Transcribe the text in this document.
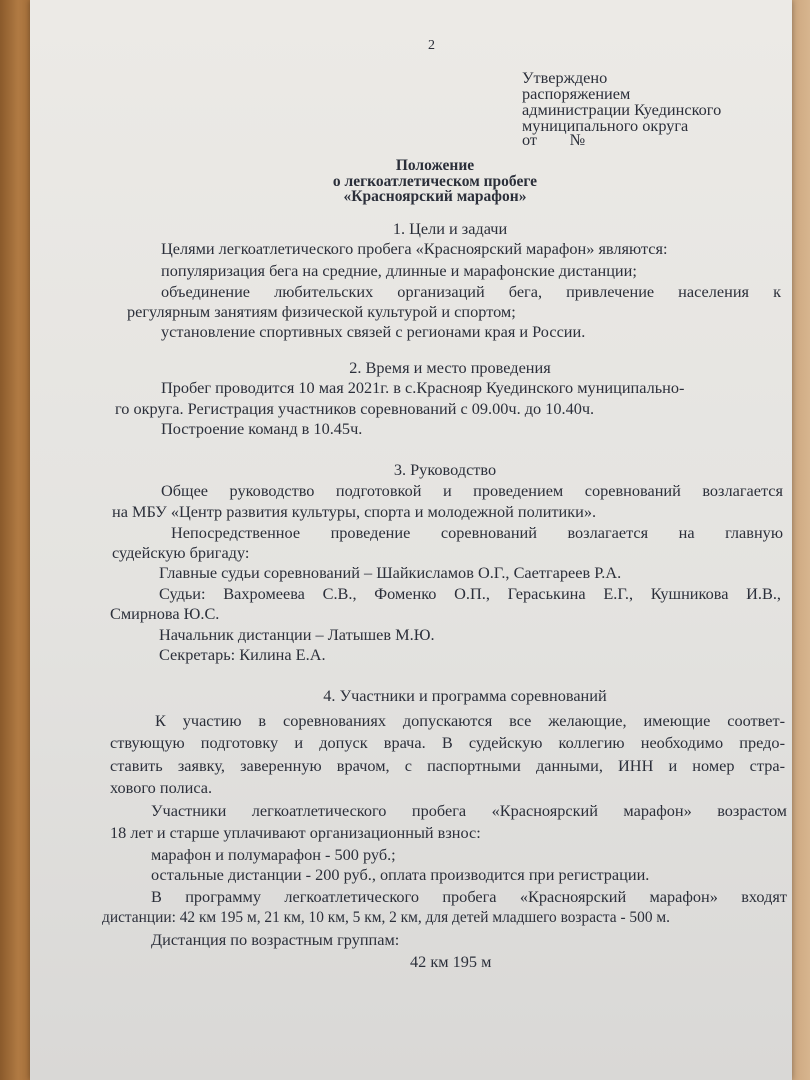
2
Утверждено
распоряжением
администрации Куединского
муниципального округа
от        №
Положение
о легкоатлетическом пробеге
«Красноярский марафон»
1. Цели и задачи
Целями легкоатлетического пробега «Красноярский марафон» являются:
популяризация бега на средние, длинные и марафонские дистанции;
объединение любительских организаций бега, привлечение населения к
регулярным занятиям физической культурой и спортом;
установление спортивных связей с регионами края и России.
2. Время и место проведения
Пробег проводится 10 мая 2021г. в с.Краснояр Куединского муниципально-
го округа. Регистрация участников соревнований с 09.00ч. до 10.40ч.
Построение команд в 10.45ч.
3. Руководство
Общее руководство подготовкой и проведением соревнований возлагается
на МБУ «Центр развития культуры, спорта и молодежной политики».
Непосредственное проведение соревнований возлагается на главную
судейскую бригаду:
Главные судьи соревнований – Шайкисламов О.Г., Саетгареев Р.А.
Судьи: Вахромеева С.В., Фоменко О.П., Гераськина Е.Г., Кушникова И.В.,
Смирнова Ю.С.
Начальник дистанции – Латышев М.Ю.
Секретарь: Килина Е.А.
4. Участники и программа соревнований
К участию в соревнованиях допускаются все желающие, имеющие соответ-
ствующую подготовку и допуск врача. В судейскую коллегию необходимо предо-
ставить заявку, заверенную врачом, с паспортными данными, ИНН и номер стра-
хового полиса.
Участники легкоатлетического пробега «Красноярский марафон» возрастом
18 лет и старше уплачивают организационный взнос:
марафон и полумарафон - 500 руб.;
остальные дистанции - 200 руб., оплата производится при регистрации.
В программу легкоатлетического пробега «Красноярский марафон» входят
дистанции: 42 км 195 м, 21 км, 10 км, 5 км, 2 км, для детей младшего возраста - 500 м.
Дистанция по возрастным группам:
42 км 195 м
